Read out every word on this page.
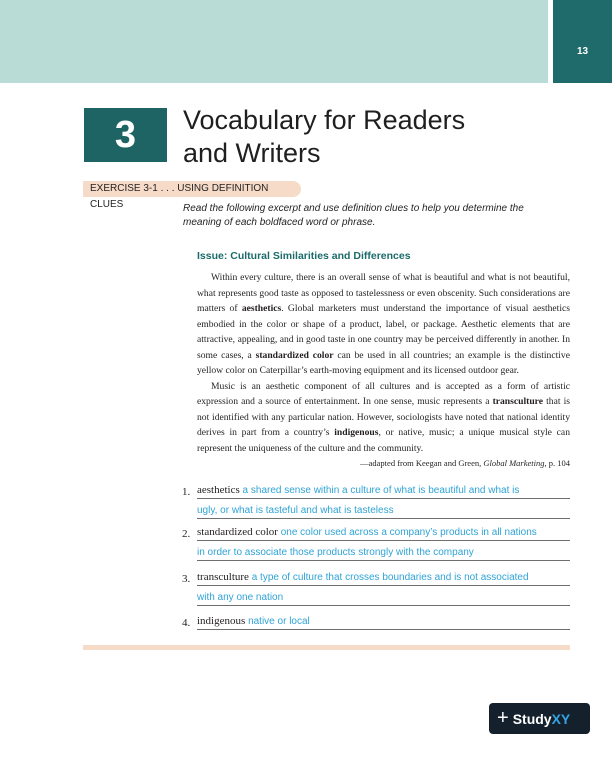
13
3	Vocabulary for Readers
and Writers
EXERCISE 3-1 . . . USING DEFINITION CLUES	Read the following excerpt and use definition clues to help you determine the meaning of each boldfaced word or phrase.
Issue: Cultural Similarities and Differences

Within every culture, there is an overall sense of what is beautiful and what is not beautiful, what represents good taste as opposed to tastelessness or even obscenity. Such considerations are matters of aesthetics. Global marketers must understand the importance of visual aesthetics embodied in the color or shape of a product, label, or package. Aesthetic elements that are attractive, appealing, and in good taste in one country may be perceived differently in another. In some cases, a standardized color can be used in all countries; an example is the distinctive yellow color on Caterpillar’s earth-moving equipment and its licensed outdoor gear.

Music is an aesthetic component of all cultures and is accepted as a form of artistic expression and a source of entertainment. In one sense, music represents a transculture that is not identified with any particular nation. However, sociologists have noted that national identity derives in part from a country’s indigenous, or native, music; a unique musical style can represent the uniqueness of the culture and the community.

—adapted from Keegan and Green, Global Marketing, p. 104
1. aesthetics a shared sense within a culture of what is beautiful and what is
ugly, or what is tasteful and what is tasteless
2. standardized color one color used across a company’s products in all nations
in order to associate those products strongly with the company
3. transculture a type of culture that crosses boundaries and is not associated
with any one nation
4. indigenous native or local
+ StudyXY
